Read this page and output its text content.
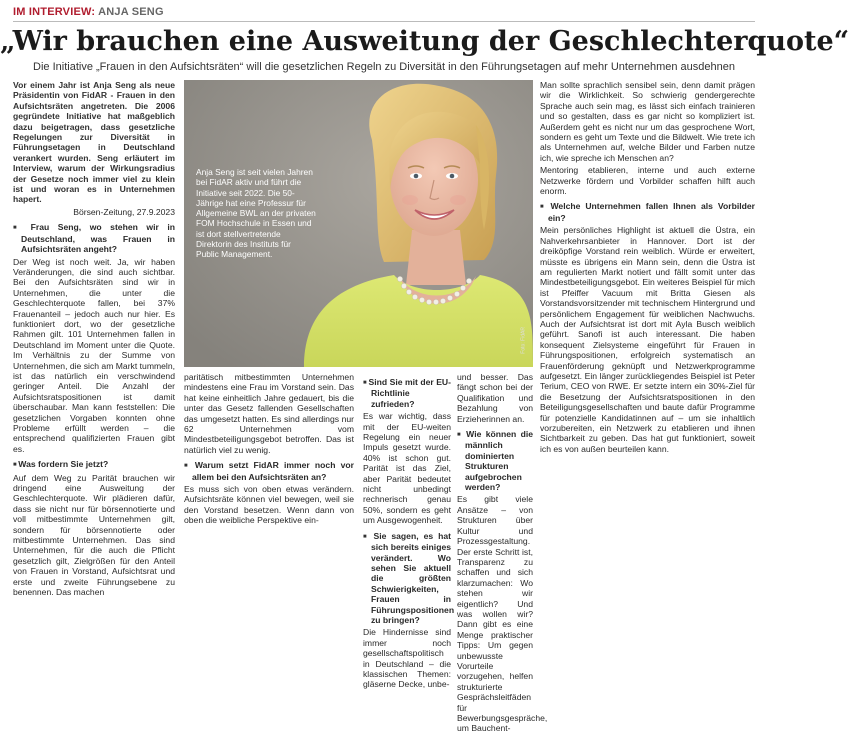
IM INTERVIEW: ANJA SENG
„Wir brauchen eine Ausweitung der Geschlechterquote“
Die Initiative „Frauen in den Aufsichtsräten“ will die gesetzlichen Regeln zu Diversität in den Führungsetagen auf mehr Unternehmen ausdehnen

Vor einem Jahr ist Anja Seng als neue Präsidentin von FidAR - Frauen in den Aufsichtsräten angetreten. Die 2006 gegründete Initiative hat maßgeblich dazu beigetragen, dass gesetzliche Regelungen zur Diversität in Führungsetagen in Deutschland verankert wurden. Seng erläutert im Interview, warum der Wirkungsradius der Gesetze noch immer viel zu klein ist und woran es in Unternehmen hapert.

Börsen-Zeitung, 27.9.2023

■ Frau Seng, wo stehen wir in Deutschland, was Frauen in Aufsichtsräten angeht?

Der Weg ist noch weit. Ja, wir haben Veränderungen, die sind auch sichtbar. Bei den Aufsichtsräten sind wir in Unternehmen, die unter die Geschlechterquote fallen, bei 37% Frauenanteil – jedoch auch nur hier. Es funktioniert dort, wo der gesetzliche Rahmen gilt. 101 Unternehmen fallen in Deutschland im Moment unter die Quote. Im Verhältnis zu der Summe von Unternehmen, die sich am Markt tummeln, ist das natürlich ein verschwindend geringer Anteil. Die Anzahl der Aufsichtsratspositionen ist damit überschaubar. Man kann feststellen: Die gesetzlichen Vorgaben konnten ohne Probleme erfüllt werden – die entsprechend qualifizierten Frauen gibt es.

■ Was fordern Sie jetzt?

Auf dem Weg zu Parität brauchen wir dringend eine Ausweitung der Geschlechterquote. Wir plädieren dafür, dass sie nicht nur für börsennotierte und voll mitbestimmte Unternehmen gilt, sondern für börsennotierte oder mitbestimmte Unternehmen. Das sind Unternehmen, für die auch die Pflicht gesetzlich gilt, Zielgrößen für den Anteil von Frauen in Vorstand, Aufsichtsrat und erste und zweite Führungsebene zu benennen. Das machen

Anja Seng ist seit vielen Jahren bei FidAR aktiv und führt die Initiative seit 2022. Die 50-Jährige hat eine Professur für Allgemeine BWL an der privaten FOM Hochschule in Essen und ist dort stellvertretende Direktorin des Instituts für Public Management.
Foto: FidAR

paritätisch mitbestimmten Unternehmen mindestens eine Frau im Vorstand sein. Das hat keine einheitlich Jahre gedauert, bis die unter das Gesetz fallenden Gesellschaften das umgesetzt hatten. Es sind allerdings nur 62 Unternehmen vom Mindestbeteiligungsgebot betroffen. Das ist natürlich viel zu wenig.

■ Warum setzt FidAR immer noch vor allem bei den Aufsichtsräten an?

Es muss sich von oben etwas verändern. Aufsichtsräte können viel bewegen, weil sie den Vorstand besetzen. Wenn dann von oben die weibliche Perspektive ein-

■ Sind Sie mit der EU-Richtlinie zufrieden?

Es war wichtig, dass mit der EU-weiten Regelung ein neuer Impuls gesetzt wurde. 40% ist schon gut. Parität ist das Ziel, aber Parität bedeutet nicht unbedingt rechnerisch genau 50%, sondern es geht um Ausgewogenheit.

■ Sie sagen, es hat sich bereits einiges verändert. Wo sehen Sie aktuell die größten Schwierigkeiten, Frauen in Führungspositionen zu bringen?

Die Hindernisse sind immer noch gesellschaftspolitisch in Deutschland – die klassischen Themen: gläserne Decke, unbe-

und besser. Das fängt schon bei der Qualifikation und Bezahlung von Erzieherinnen an.

■ Wie können die männlich dominierten Strukturen aufgebrochen werden?

Es gibt viele Ansätze – von Strukturen über Kultur und Prozessgestaltung. Der erste Schritt ist, Transparenz zu schaffen und sich klarzumachen: Wo stehen wir eigentlich? Und was wollen wir? Dann gibt es eine Menge praktischer Tipps: Um gegen unbewusste Vorurteile vorzugehen, helfen strukturierte Gesprächsleitfäden für Bewerbungsgespräche, um Bauchent-

Man sollte sprachlich sensibel sein, denn damit prägen wir die Wirklichkeit. So schwierig gendergerechte Sprache auch sein mag, es lässt sich einfach trainieren und so gestalten, dass es gar nicht so kompliziert ist. Außerdem geht es nicht nur um das gesprochene Wort, sondern es geht um Texte und die Bildwelt. Wie trete ich als Unternehmen auf, welche Bilder und Farben nutze ich, wie spreche ich Menschen an?

Mentoring etablieren, interne und auch externe Netzwerke fördern und Vorbilder schaffen hilft auch enorm.

■ Welche Unternehmen fallen Ihnen als Vorbilder ein?

Mein persönliches Highlight ist aktuell die Üstra, ein Nahverkehrsanbieter in Hannover. Dort ist der dreiköpfige Vorstand rein weiblich. Würde er erweitert, müsste es übrigens ein Mann sein, denn die Üstra ist am regulierten Markt notiert und fällt somit unter das Mindestbeteiligungsgebot. Ein weiteres Beispiel für mich ist Pfeiffer Vacuum mit Britta Giesen als Vorstandsvorsitzender mit technischem Hintergrund und persönlichem Engagement für weiblichen Nachwuchs. Auch der Aufsichtsrat ist dort mit Ayla Busch weiblich geführt. Sanofi ist auch interessant. Die haben konsequent Zielsysteme eingeführt für Frauen in Führungspositionen, erfolgreich systematisch an Frauenförderung geknüpft und Netzwerkprogramme aufgesetzt. Ein länger zurückliegendes Beispiel ist Peter Terium, CEO von RWE. Er setzte intern ein 30%-Ziel für die Besetzung der Aufsichtsratspositionen in den Beteiligungsgesellschaften und baute dafür Programme für potenzielle Kandidatinnen auf – um sie inhaltlich vorzubereiten, ein Netzwerk zu etablieren und ihnen Sichtbarkeit zu geben. Das hat gut funktioniert, soweit ich es von außen beurteilen kann.
